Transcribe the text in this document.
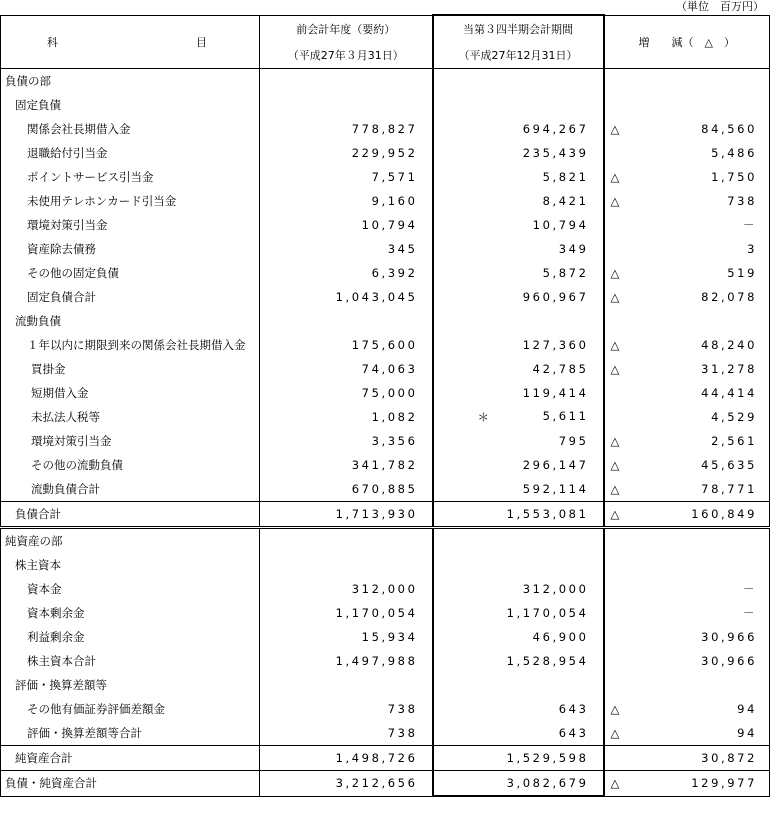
（単位　百万円）
科 目	前会計年度（要約）	当第３四半期会計期間	増　　減（　△　）
	（平成27年３月31日）	（平成27年12月31日）	

負債の部			

固定負債			

関係会社長期借入金	778,827	694,267	△ 84,560

退職給付引当金	229,952	235,439	5,486

ポイントサービス引当金	7,571	5,821	△ 1,750

未使用テレホンカード引当金	9,160	8,421	△ 738

環境対策引当金	10,794	10,794	－

資産除去債務	345	349	3

その他の固定負債	6,392	5,872	△ 519

固定負債合計	1,043,045	960,967	△ 82,078

流動負債			

１年以内に期限到来の関係会社長期借入金	175,600	127,360	△ 48,240

買掛金	74,063	42,785	△ 31,278

短期借入金	75,000	119,414	44,414

未払法人税等	1,082	＊ 5,611	4,529

環境対策引当金	3,356	795	△ 2,561

その他の流動負債	341,782	296,147	△ 45,635

流動負債合計	670,885	592,114	△ 78,771

負債合計	1,713,930	1,553,081	△ 160,849

純資産の部			

株主資本			

資本金	312,000	312,000	－

資本剰余金	1,170,054	1,170,054	－

利益剰余金	15,934	46,900	30,966

株主資本合計	1,497,988	1,528,954	30,966

評価・換算差額等			

その他有価証券評価差額金	738	643	△ 94

評価・換算差額等合計	738	643	△ 94

純資産合計	1,498,726	1,529,598	30,872

負債・純資産合計	3,212,656	3,082,679	△ 129,977
